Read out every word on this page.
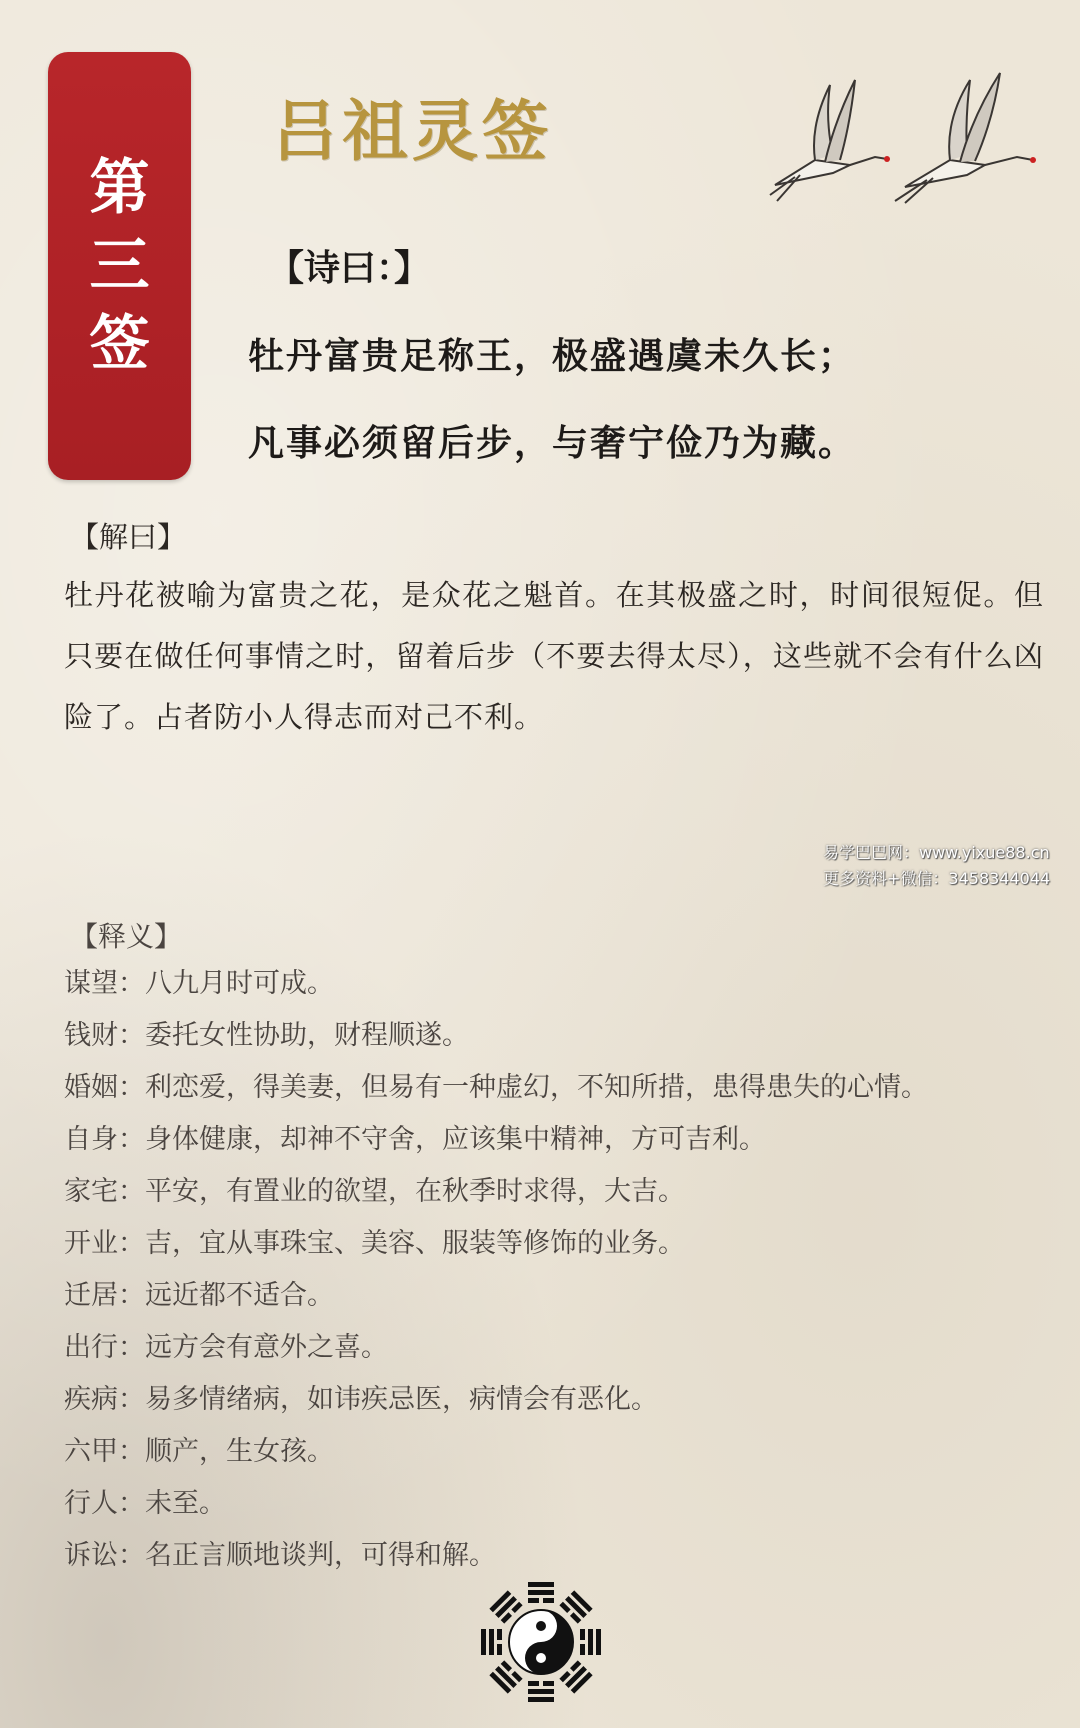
第
三
签
吕祖灵签
【诗曰：】
牡丹富贵足称王，极盛遇虞未久长；
凡事必须留后步，与奢宁俭乃为藏。
【解曰】
牡丹花被喻为富贵之花，是众花之魁首。在其极盛之时，时间很短促。但只要在做任何事情之时，留着后步（不要去得太尽），这些就不会有什么凶险了。占者防小人得志而对己不利。
易学巴巴网：www.yixue88.cn
更多资料+微信：3458344044
【释义】
谋望：八九月时可成。
钱财：委托女性协助，财程顺遂。
婚姻：利恋爱，得美妻，但易有一种虚幻，不知所措，患得患失的心情。
自身：身体健康，却神不守舍，应该集中精神，方可吉利。
家宅：平安，有置业的欲望，在秋季时求得，大吉。
开业：吉，宜从事珠宝、美容、服装等修饰的业务。
迁居：远近都不适合。
出行：远方会有意外之喜。
疾病：易多情绪病，如讳疾忌医，病情会有恶化。
六甲：顺产，生女孩。
行人：未至。
诉讼：名正言顺地谈判，可得和解。
